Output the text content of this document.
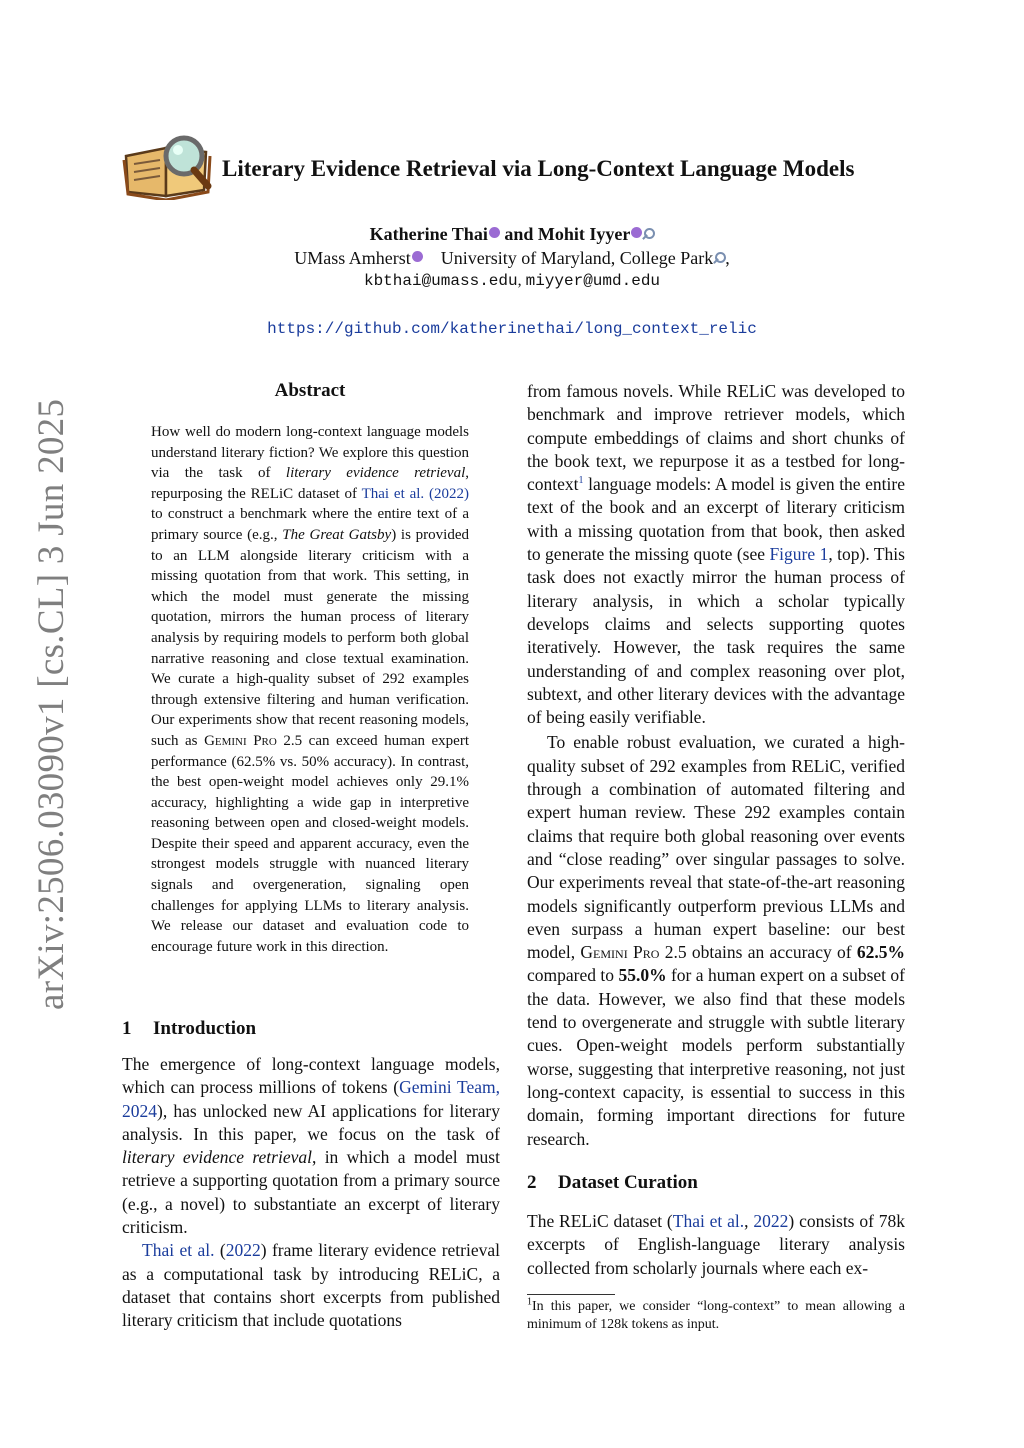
arXiv:2506.03090v1 [cs.CL] 3 Jun 2025
Literary Evidence Retrieval via Long-Context Language Models
Katherine Thai and Mohit Iyyer
UMass Amherst University of Maryland, College Park ,
kbthai@umass.edu, miyyer@umd.edu
https://github.com/katherinethai/long_context_relic
Abstract
How well do modern long-context language models understand literary fiction? We explore this question via the task of literary evidence retrieval, repurposing the RELiC dataset of Thai et al. (2022) to construct a benchmark where the entire text of a primary source (e.g., The Great Gatsby) is provided to an LLM alongside literary criticism with a missing quotation from that work. This setting, in which the model must generate the missing quotation, mirrors the human process of literary analysis by requiring models to perform both global narrative reasoning and close textual examination. We curate a high-quality subset of 292 examples through extensive filtering and human verification. Our experiments show that recent reasoning models, such as Gemini Pro 2.5 can exceed human expert performance (62.5% vs. 50% accuracy). In contrast, the best open-weight model achieves only 29.1% accuracy, highlighting a wide gap in interpretive reasoning between open and closed-weight models. Despite their speed and apparent accuracy, even the strongest models struggle with nuanced literary signals and overgeneration, signaling open challenges for applying LLMs to literary analysis. We release our dataset and evaluation code to encourage future work in this direction.
1 Introduction

The emergence of long-context language models, which can process millions of tokens (Gemini Team, 2024), has unlocked new AI applications for literary analysis. In this paper, we focus on the task of literary evidence retrieval, in which a model must retrieve a supporting quotation from a primary source (e.g., a novel) to substantiate an excerpt of literary criticism.

Thai et al. (2022) frame literary evidence retrieval as a computational task by introducing RELiC, a dataset that contains short excerpts from published literary criticism that include quotations

from famous novels. While RELiC was developed to benchmark and improve retriever models, which compute embeddings of claims and short chunks of the book text, we repurpose it as a testbed for long-context$^1$ language models: A model is given the entire text of the book and an excerpt of literary criticism with a missing quotation from that book, then asked to generate the missing quote (see Figure 1, top). This task does not exactly mirror the human process of literary analysis, in which a scholar typically develops claims and selects supporting quotes iteratively. However, the task requires the same understanding of and complex reasoning over plot, subtext, and other literary devices with the advantage of being easily verifiable.

To enable robust evaluation, we curated a high-quality subset of 292 examples from RELiC, verified through a combination of automated filtering and expert human review. These 292 examples contain claims that require both global reasoning over events and “close reading” over singular passages to solve. Our experiments reveal that state-of-the-art reasoning models significantly outperform previous LLMs and even surpass a human expert baseline: our best model, Gemini Pro 2.5 obtains an accuracy of 62.5% compared to 55.0% for a human expert on a subset of the data. However, we also find that these models tend to overgenerate and struggle with subtle literary cues. Open-weight models perform substantially worse, suggesting that interpretive reasoning, not just long-context capacity, is essential to success in this domain, forming important directions for future research.

2 Dataset Curation

The RELiC dataset (Thai et al., 2022) consists of 78k excerpts of English-language literary analysis collected from scholarly journals where each ex-

$^1$In this paper, we consider “long-context” to mean allowing a minimum of 128k tokens as input.
